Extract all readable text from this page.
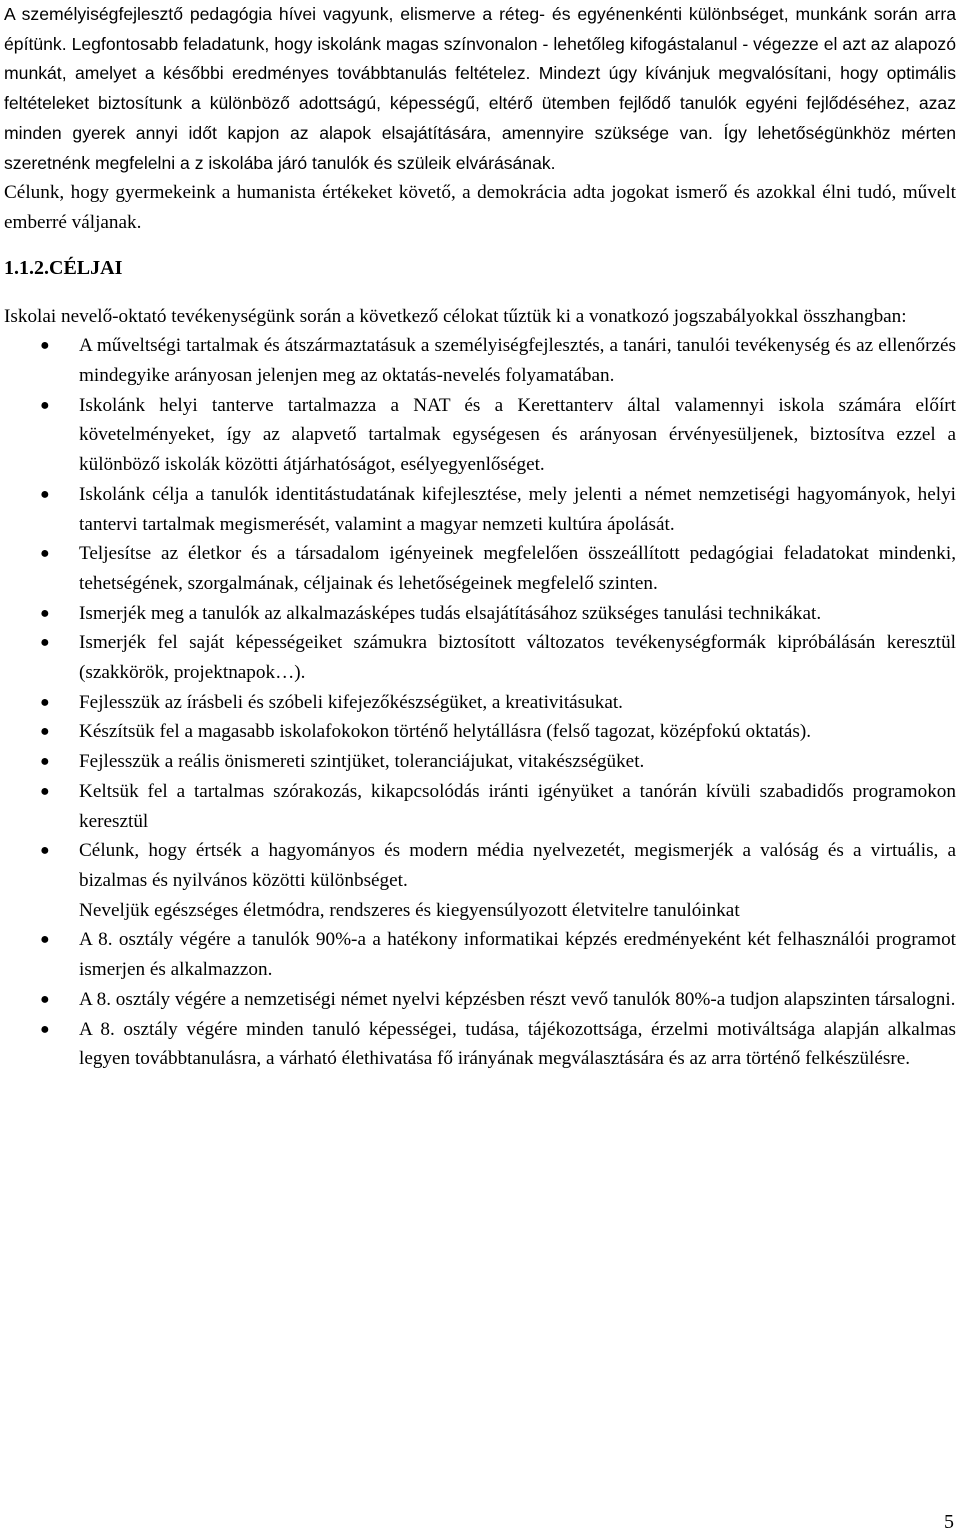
A személyiségfejlesztő pedagógia hívei vagyunk, elismerve a réteg- és egyénenkénti különbséget, munkánk során arra építünk. Legfontosabb feladatunk, hogy iskolánk magas színvonalon - lehetőleg kifogástalanul - végezze el azt az alapozó munkát, amelyet a későbbi eredményes továbbtanulás feltételez. Mindezt úgy kívánjuk megvalósítani, hogy optimális feltételeket biztosítunk a különböző adottságú, képességű, eltérő ütemben fejlődő tanulók egyéni fejlődéséhez, azaz minden gyerek annyi időt kapjon az alapok elsajátítására, amennyire szüksége van. Így lehetőségünkhöz mérten szeretnénk megfelelni a z iskolába járó tanulók és szüleik elvárásának.

Célunk, hogy gyermekeink a humanista értékeket követő, a demokrácia adta jogokat ismerő és azokkal élni tudó, művelt emberré váljanak.

1.1.2.CÉLJAI

Iskolai nevelő-oktató tevékenységünk során a következő célokat tűztük ki a vonatkozó jogszabályokkal összhangban:

● A műveltségi tartalmak és átszármaztatásuk a személyiségfejlesztés, a tanári, tanulói tevékenység és az ellenőrzés mindegyike arányosan jelenjen meg az oktatás-nevelés folyamatában.
● Iskolánk helyi tanterve tartalmazza a NAT és a Kerettanterv által valamennyi iskola számára előírt követelményeket, így az alapvető tartalmak egységesen és arányosan érvényesüljenek, biztosítva ezzel a különböző iskolák közötti átjárhatóságot, esélyegyenlőséget.
● Iskolánk célja a tanulók identitástudatának kifejlesztése, mely jelenti a német nemzetiségi hagyományok, helyi tantervi tartalmak megismerését, valamint a magyar nemzeti kultúra ápolását.
● Teljesítse az életkor és a társadalom igényeinek megfelelően összeállított pedagógiai feladatokat mindenki, tehetségének, szorgalmának, céljainak és lehetőségeinek megfelelő szinten.
● Ismerjék meg a tanulók az alkalmazásképes tudás elsajátításához szükséges tanulási technikákat.
● Ismerjék fel saját képességeiket számukra biztosított változatos tevékenységformák kipróbálásán keresztül (szakkörök, projektnapok…).
● Fejlesszük az írásbeli és szóbeli kifejezőkészségüket, a kreativitásukat.
● Készítsük fel a magasabb iskolafokokon történő helytállásra (felső tagozat, középfokú oktatás).
● Fejlesszük a reális önismereti szintjüket, toleranciájukat, vitakészségüket.
● Keltsük fel a tartalmas szórakozás, kikapcsolódás iránti igényüket a tanórán kívüli szabadidős programokon keresztül
● Célunk, hogy értsék a hagyományos és modern média nyelvezetét, megismerjék a valóság és a virtuális, a bizalmas és nyilvános közötti különbséget.

Neveljük egészséges életmódra, rendszeres és kiegyensúlyozott életvitelre tanulóinkat

● A 8. osztály végére a tanulók 90%-a a hatékony informatikai képzés eredményeként két felhasználói programot ismerjen és alkalmazzon.
● A 8. osztály végére a nemzetiségi német nyelvi képzésben részt vevő tanulók 80%-a tudjon alapszinten társalogni.
● A 8. osztály végére minden tanuló képességei, tudása, tájékozottsága, érzelmi motiváltsága alapján alkalmas legyen továbbtanulásra, a várható élethivatása fő irányának megválasztására és az arra történő felkészülésre.
5
